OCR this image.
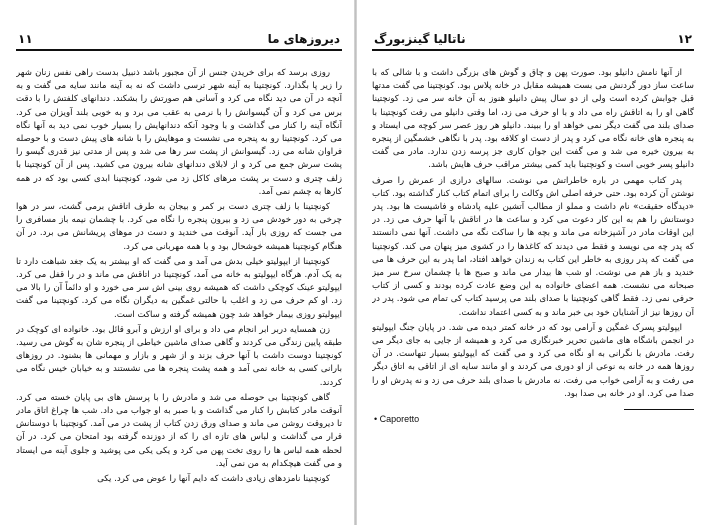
۱۱	دیروزهای ما

روزی برسد که برای خریدن جنس از آن مجبور باشد ذنبیل بدست راهی نفس زنان شهر را زیر پا بگذارد. کونچتینا به آینه شهر ترسی داشت که نه به آینه مانند سایه می گفت و به آنچه در آن می دید نگاه می کرد و آسانی هم صورتش را بشکند. دندانهای کلفتش را با دقت برس می کرد و آن گیسوانش را با نرمی به عقب می برد و به خوبی بلند آویزان می کرد. آنگاه آینه را کنار می گذاشت و با وجود آنکه دندانهایش را بسیار خوب نمی دید به آنها نگاه می کرد. کونچتینا رو به پنجره می نشست و موهایش را با شانه های پیش دست و با حوصله فراوان شانه می زد. گیسوانش از پشت سر رها می شد و پس از مدتی نیز قدری گیسو را پشت سرش جمع می کرد و از لابلای دندانهای شانه بیرون می کشید. پس از آن کونچتینا با زلف چتری و دست بر پشت مرهای کاکل زد می شود، کونچتینا ابدی کسی بود که در همه کارها به چشم نمی آمد.

کونچتینا با زلف چتری دست بر کمر و بیجان به طرف اتاقش برمی گشت، سر در هوا چرخی به دور خودش می زد و بیرون پنجره را نگاه می کرد. با چشمان نیمه باز مسافری را می جست که روزی باز آید. آنوقت می خندید و دست در موهای پریشانش می برد. در آن هنگام کونچتینا همیشه خوشحال بود و با همه مهربانی می کرد.

کونچتینا از ایپولیتو خیلی بدش می آمد و می گفت که او بیشتر به یک جغد شباهت دارد تا به یک آدم. هرگاه ایپولیتو به خانه می آمد، کونچتینا در اتاقش می ماند و در را قفل می کرد. ایپولیتو عینک کوچکی داشت که همیشه روی بینی اش سر می خورد و او دائماً آن را بالا می زد. او کم حرف می زد و اغلب با حالتی غمگین به دیگران نگاه می کرد. کونچتینا می گفت ایپولیتو روزی بیمار خواهد شد چون همیشه گرفته و ساکت است.

زن همسایه دربر ابر انجام می داد و برای او ارزش و آبرو قائل بود. خانواده ای کوچک در طبقه پایین زندگی می کردند و گاهی صدای ماشین خیاطی از پنجره شان به گوش می رسید. کونچتینا دوست داشت با آنها حرف بزند و از شهر و بازار و مهمانی ها بشنود. در روزهای بارانی کسی به خانه نمی آمد و همه پشت پنجره ها می نشستند و به خیابان خیس نگاه می کردند.

گاهی کونچتینا بی حوصله می شد و مادرش را با پرسش های بی پایان خسته می کرد. آنوقت مادر کتابش را کنار می گذاشت و با صبر به او جواب می داد. شب ها چراغ اتاق مادر تا دیروقت روشن می ماند و صدای ورق زدن کتاب از پشت در می آمد. کونچتینا با دوستانش قرار می گذاشت و لباس های تازه ای را که از دوزنده گرفته بود امتحان می کرد. در آن لحظه همه لباس ها را روی تخت پهن می کرد و یکی یکی می پوشید و جلوی آینه می ایستاد و می گفت هیچکدام به من نمی آید.

کونچتینا نامزدهای زیادی داشت که دایم آنها را عوض می کرد. یکی

ناتالیا گینزبورگ	۱۲

از آنها نامش دانیلو بود. صورت پهن و چاق و گوش های بزرگی داشت و با شالی که با ساعت ساز دور گردنش می بست همیشه مقابل در خانه پلاس بود. کونچتینا می گفت مدتها قبل جوابش کرده است ولی از دو سال پیش دانیلو هنوز به آن خانه سر می زد. کونچتینا گاهی او را به اتاقش راه می داد و با او حرف می زد، اما وقتی دانیلو می رفت کونچتینا با صدای بلند می گفت دیگر نمی خواهد او را ببیند. دانیلو هر روز عصر سر کوچه می ایستاد و به پنجره های خانه نگاه می کرد و پدر از دست او کلافه بود. پدر با نگاهی خشمگین از پنجره به بیرون خیره می شد و می گفت این جوان کاری جز پرسه زدن ندارد. مادر می گفت دانیلو پسر خوبی است و کونچتینا باید کمی بیشتر مراقب حرف هایش باشد.

پدر کتاب مهمی در باره خاطراتش می نوشت. سالهای درازی از عمرش را صرف نوشتن آن کرده بود. حتی حرفه اصلی اش وکالت را برای اتمام کتاب کنار گذاشته بود. کتاب «دیدگاه حقیقت» نام داشت و مملو از مطالب آتشین علیه پادشاه و فاشیست ها بود. پدر دوستانش را هم به این کار دعوت می کرد و ساعت ها در اتاقش با آنها حرف می زد. در این اوقات مادر در آشپزخانه می ماند و بچه ها را ساکت نگه می داشت. آنها نمی دانستند که پدر چه می نویسد و فقط می دیدند که کاغذها را در کشوی میز پنهان می کند. کونچتینا می گفت که پدر روزی به خاطر این کتاب به زندان خواهد افتاد، اما پدر به این حرف ها می خندید و باز هم می نوشت. او شب ها بیدار می ماند و صبح ها با چشمان سرخ سر میز صبحانه می نشست. همه اعضای خانواده به این وضع عادت کرده بودند و کسی از کتاب حرفی نمی زد. فقط گاهی کونچتینا با صدای بلند می پرسید کتاب کی تمام می شود. پدر در آن روزها نیز از آشنایان خود بی خبر ماند و به کسی اعتماد نداشت.

ایپولیتو پسرک غمگین و آرامی بود که در خانه کمتر دیده می شد. در پایان جنگ ایپولیتو در انجمن باشگاه های ماشین تحریر خبرنگاری می کرد و همیشه از جایی به جای دیگر می رفت. مادرش با نگرانی به او نگاه می کرد و می گفت که ایپولیتو بسیار تنهاست. در آن روزها همه در خانه به نوعی از او دوری می کردند و او مانند سایه ای از اتاقی به اتاق دیگر می رفت و به آرامی خواب می رفت. نه مادرش با صدای بلند حرف می زد و نه پدرش او را صدا می کرد. او در خانه بی صدا بود.

• Caporetto
